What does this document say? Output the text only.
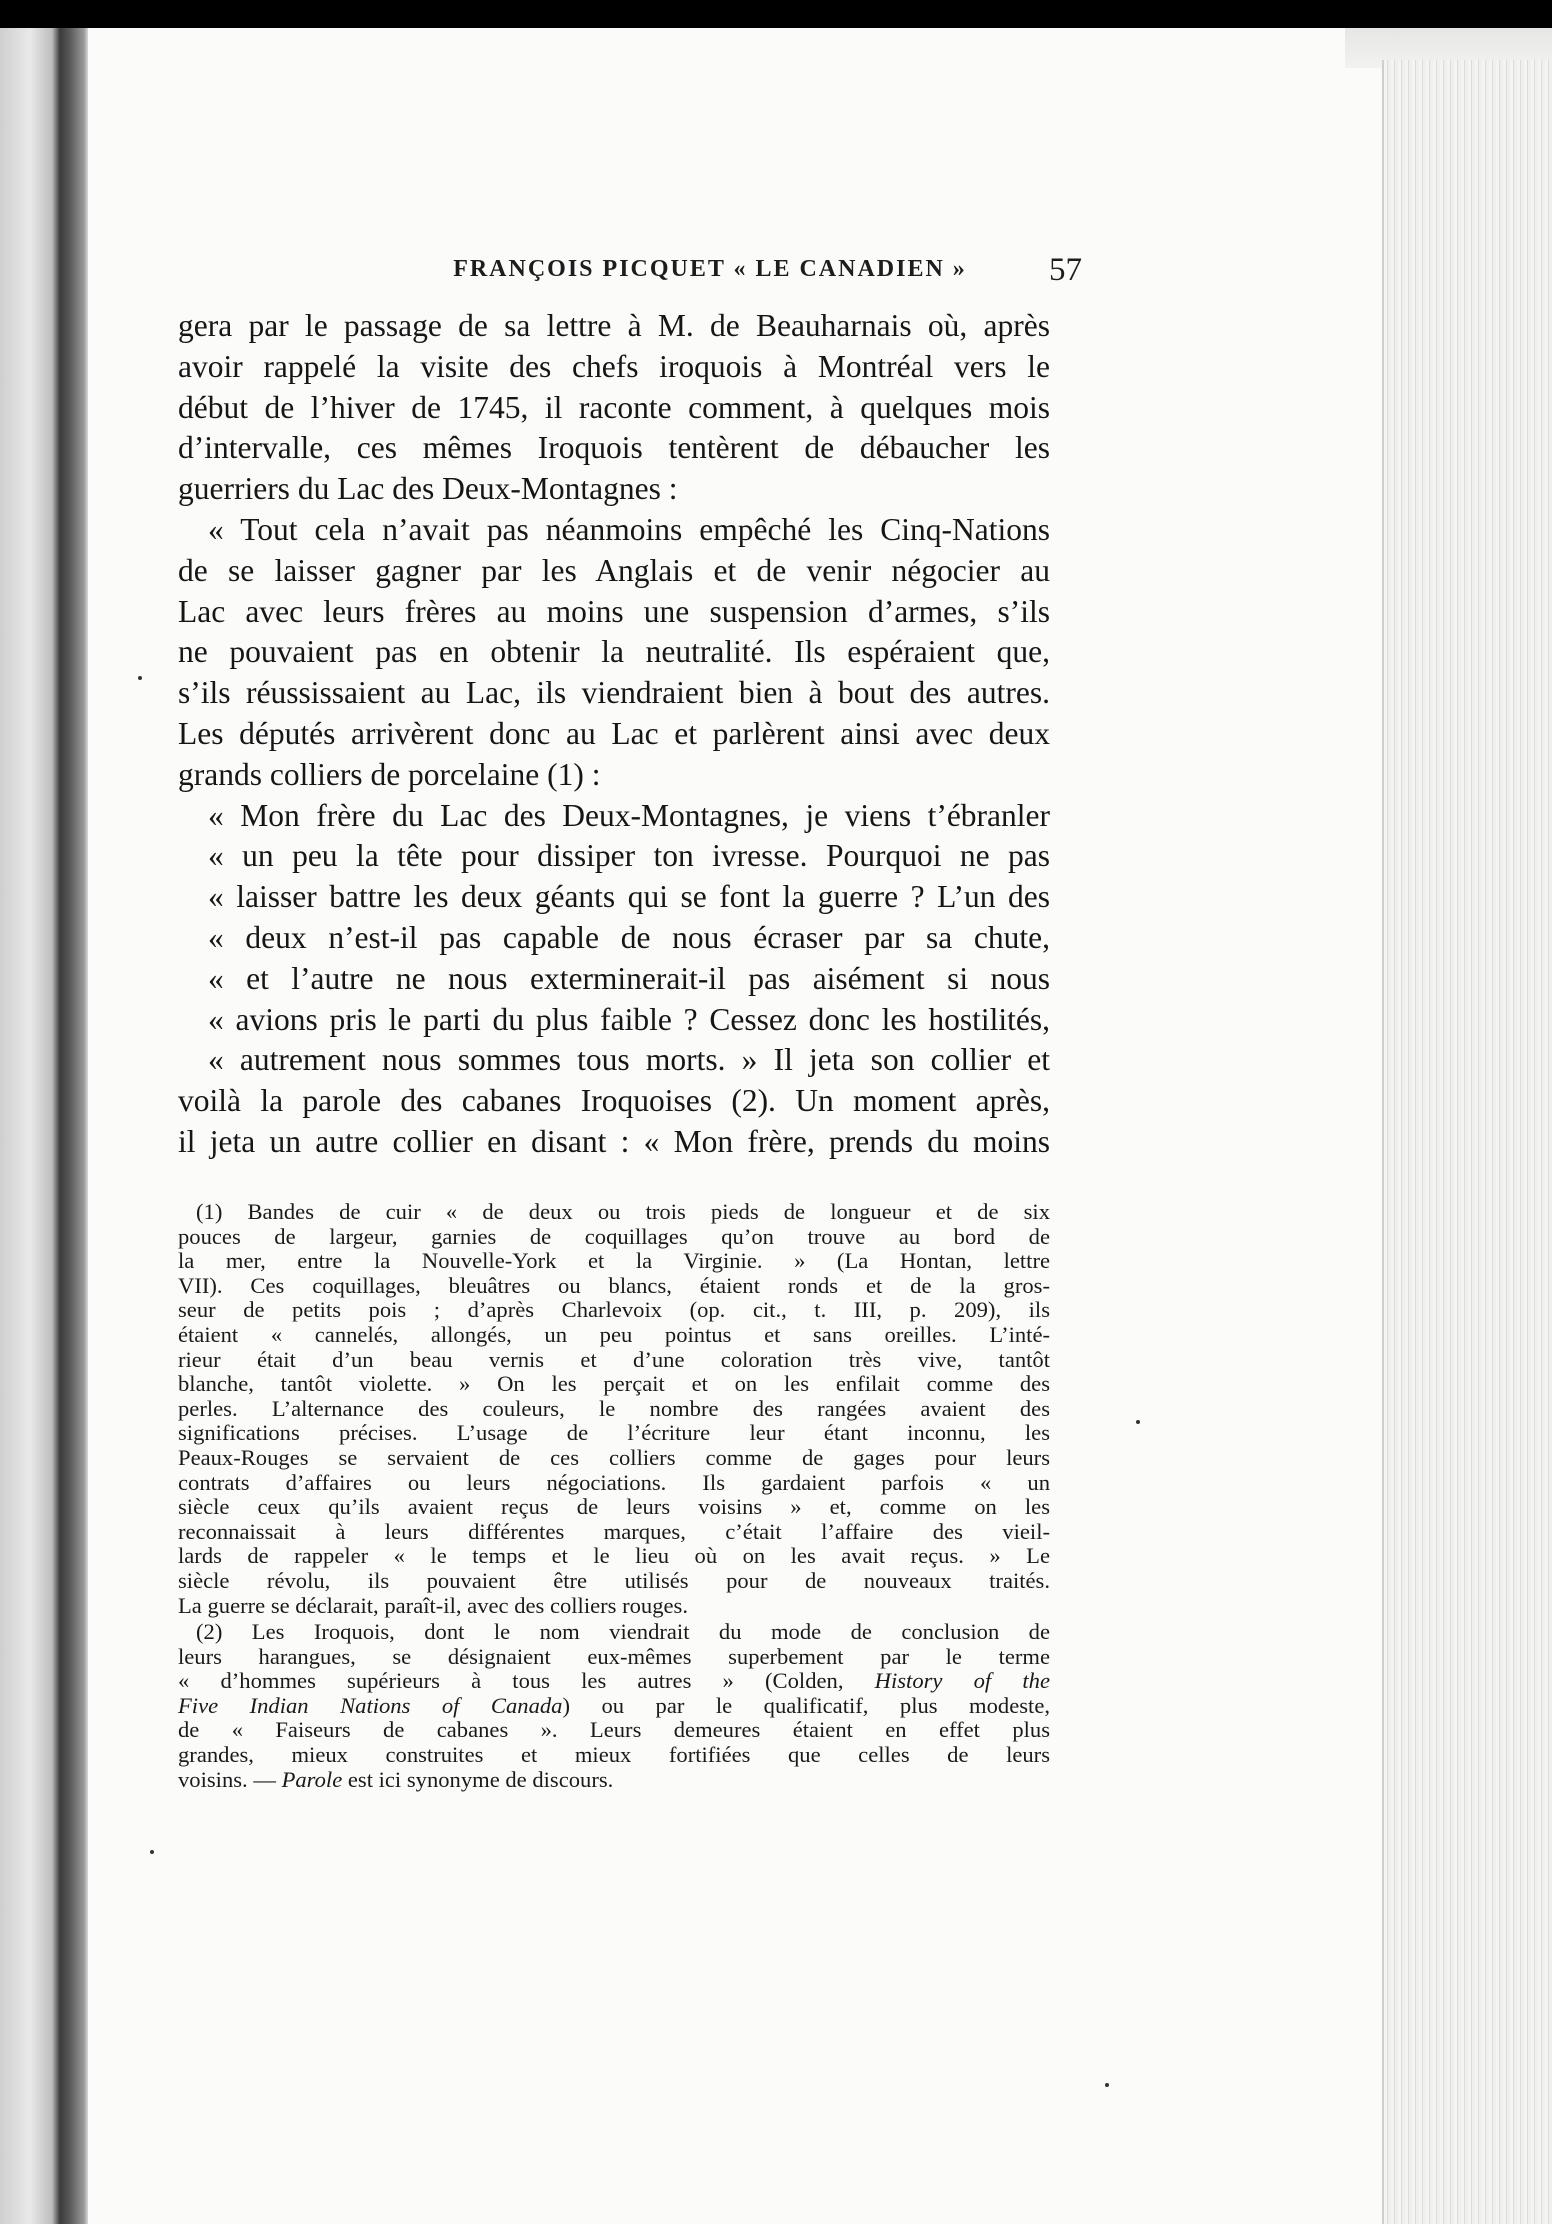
FRANÇOIS PICQUET « LE CANADIEN »	57
gera par le passage de sa lettre à M. de Beauharnais où, après
avoir rappelé la visite des chefs iroquois à Montréal vers le
début de l’hiver de 1745, il raconte comment, à quelques mois
d’intervalle, ces mêmes Iroquois tentèrent de débaucher les
guerriers du Lac des Deux-Montagnes :
« Tout cela n’avait pas néanmoins empêché les Cinq-Nations
de se laisser gagner par les Anglais et de venir négocier au
Lac avec leurs frères au moins une suspension d’armes, s’ils
ne pouvaient pas en obtenir la neutralité. Ils espéraient que,
s’ils réussissaient au Lac, ils viendraient bien à bout des autres.
Les députés arrivèrent donc au Lac et parlèrent ainsi avec deux
grands colliers de porcelaine (1) :
« Mon frère du Lac des Deux-Montagnes, je viens t’ébranler
« un peu la tête pour dissiper ton ivresse. Pourquoi ne pas
« laisser battre les deux géants qui se font la guerre ? L’un des
« deux n’est-il pas capable de nous écraser par sa chute,
« et l’autre ne nous exterminerait-il pas aisément si nous
« avions pris le parti du plus faible ? Cessez donc les hostilités,
« autrement nous sommes tous morts. » Il jeta son collier et
voilà la parole des cabanes Iroquoises (2). Un moment après,
il jeta un autre collier en disant : « Mon frère, prends du moins
(1) Bandes de cuir « de deux ou trois pieds de longueur et de six
pouces de largeur, garnies de coquillages qu’on trouve au bord de
la mer, entre la Nouvelle-York et la Virginie. » (La Hontan, lettre
VII). Ces coquillages, bleuâtres ou blancs, étaient ronds et de la gros-
seur de petits pois ; d’après Charlevoix (op. cit., t. III, p. 209), ils
étaient « cannelés, allongés, un peu pointus et sans oreilles. L’inté-
rieur était d’un beau vernis et d’une coloration très vive, tantôt
blanche, tantôt violette. » On les perçait et on les enfilait comme des
perles. L’alternance des couleurs, le nombre des rangées avaient des
significations précises. L’usage de l’écriture leur étant inconnu, les
Peaux-Rouges se servaient de ces colliers comme de gages pour leurs
contrats d’affaires ou leurs négociations. Ils gardaient parfois « un
siècle ceux qu’ils avaient reçus de leurs voisins » et, comme on les
reconnaissait à leurs différentes marques, c’était l’affaire des vieil-
lards de rappeler « le temps et le lieu où on les avait reçus. » Le
siècle révolu, ils pouvaient être utilisés pour de nouveaux traités.
La guerre se déclarait, paraît-il, avec des colliers rouges.
(2) Les Iroquois, dont le nom viendrait du mode de conclusion de
leurs harangues, se désignaient eux-mêmes superbement par le terme
« d’hommes supérieurs à tous les autres » (Colden, History of the
Five Indian Nations of Canada) ou par le qualificatif, plus modeste,
de « Faiseurs de cabanes ». Leurs demeures étaient en effet plus
grandes, mieux construites et mieux fortifiées que celles de leurs
voisins. — Parole est ici synonyme de discours.
